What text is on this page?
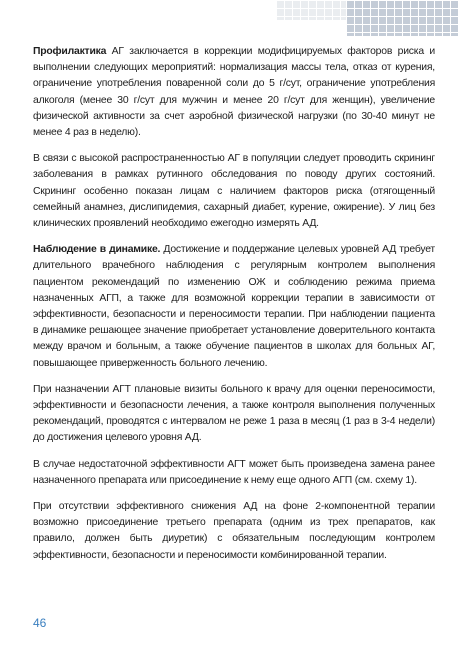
Профилактика АГ заключается в коррекции модифицируемых факторов риска и выполнении следующих мероприятий: нормализация массы тела, отказ от курения, ограничение употребления поваренной соли до 5 г/сут, ограничение употребления алкоголя (менее 30 г/сут для мужчин и менее 20 г/сут для женщин), увеличение физической активности за счет аэробной физической нагрузки (по 30-40 минут не менее 4 раз в неделю).

В связи с высокой распространенностью АГ в популяции следует проводить скрининг заболевания в рамках рутинного обследования по поводу других состояний. Скрининг особенно показан лицам с наличием факторов риска (отягощенный семейный анамнез, дислипидемия, сахарный диабет, курение, ожирение). У лиц без клинических проявлений необходимо ежегодно измерять АД.

Наблюдение в динамике. Достижение и поддержание целевых уровней АД требует длительного врачебного наблюдения с регулярным контролем выполнения пациентом рекомендаций по изменению ОЖ и соблюдению режима приема назначенных АГП, а также для возможной коррекции терапии в зависимости от эффективности, безопасности и переносимости терапии. При наблюдении пациента в динамике решающее значение приобретает установление доверительного контакта между врачом и больным, а также обучение пациентов в школах для больных АГ, повышающее приверженность больного лечению.

При назначении АГТ плановые визиты больного к врачу для оценки переносимости, эффективности и безопасности лечения, а также контроля выполнения полученных рекомендаций, проводятся с интервалом не реже 1 раза в месяц (1 раз в 3-4 недели) до достижения целевого уровня АД.

В случае недостаточной эффективности АГТ может быть произведена замена ранее назначенного препарата или присоединение к нему еще одного АГП (см. схему 1).

При отсутствии эффективного снижения АД на фоне 2-компонентной терапии возможно присоединение третьего препарата (одним из трех препаратов, как правило, должен быть диуретик) с обязательным последующим контролем эффективности, безопасности и переносимости комбинированной терапии.

46
